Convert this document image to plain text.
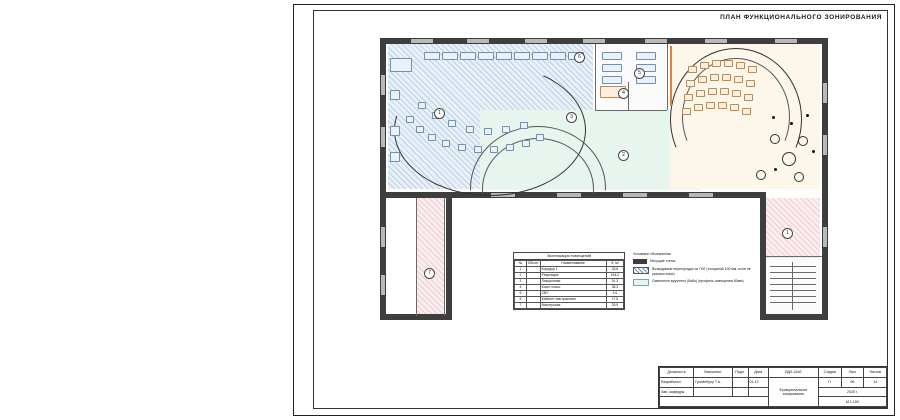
ПЛАН ФУНКЦИОНАЛЬНОГО ЗОНИРОВАНИЯ
1
2
3
4
5
6
7
1
Экспликация помещений
№	Обозн.	Наименование	S, м²
1		Коридор 1	33.6
2		Рекреация	154.2
3		Лекционная	91.3
4		Комп. класс	38.3
5		СВУ	3.6
6		Кабинет зав.практики	17.5
7		Мастерская	25.9
Условные обозначения
Несущие стены
Возводимые перегородки из ГКЛ (толщиной 100 мм, если не указано иное)
Освоенное врученно (бабо) (профиль освещения 80мм)
Должность	Выполнил	Подп.	Дата	ВДЗ-12об	Стадия	Лист	Листов
Разработал	Гусейнбулу Т.А.		01.12	Функциональное зонирование	П	06	14
Зав. кафедры					2025 г.		
					М 1:100		
